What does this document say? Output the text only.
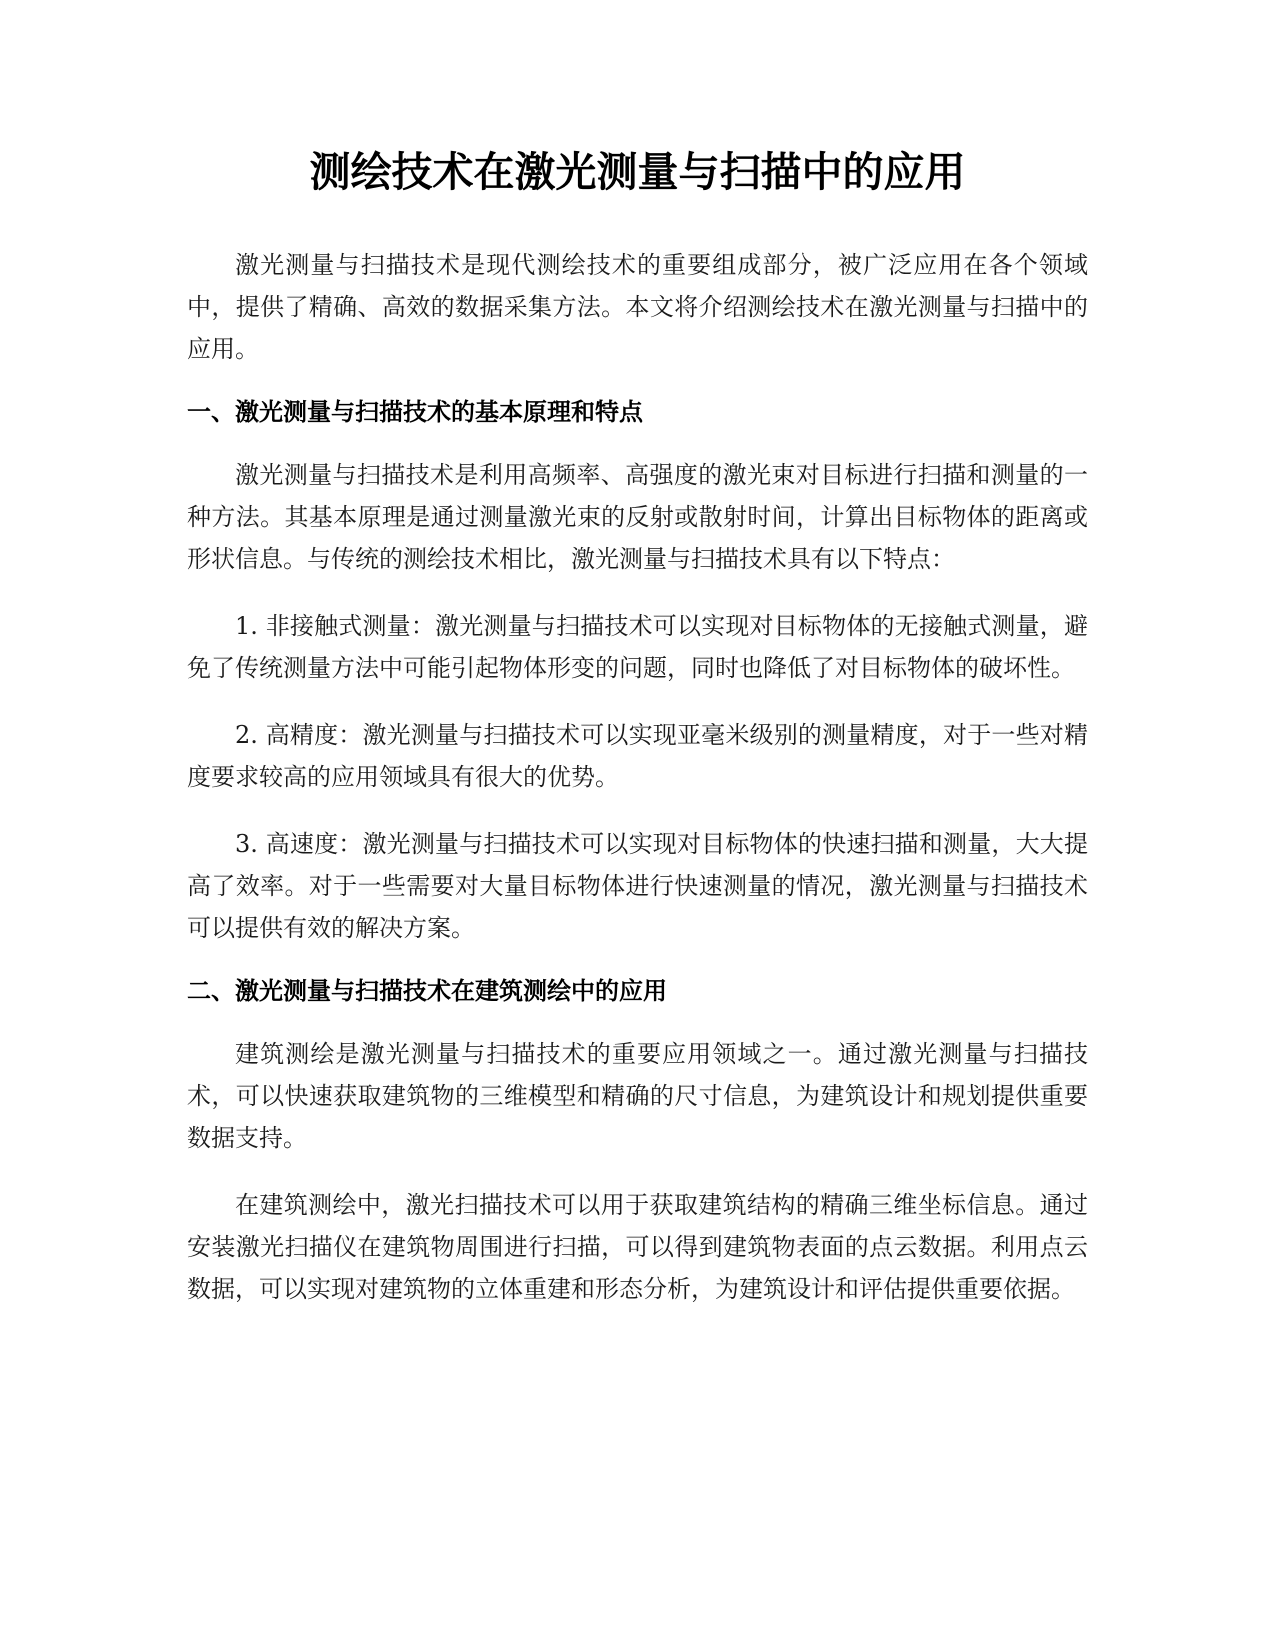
测绘技术在激光测量与扫描中的应用

激光测量与扫描技术是现代测绘技术的重要组成部分，被广泛应用在各个领域中，提供了精确、高效的数据采集方法。本文将介绍测绘技术在激光测量与扫描中的应用。

一、激光测量与扫描技术的基本原理和特点

激光测量与扫描技术是利用高频率、高强度的激光束对目标进行扫描和测量的一种方法。其基本原理是通过测量激光束的反射或散射时间，计算出目标物体的距离或形状信息。与传统的测绘技术相比，激光测量与扫描技术具有以下特点：

1. 非接触式测量：激光测量与扫描技术可以实现对目标物体的无接触式测量，避免了传统测量方法中可能引起物体形变的问题，同时也降低了对目标物体的破坏性。

2. 高精度：激光测量与扫描技术可以实现亚毫米级别的测量精度，对于一些对精度要求较高的应用领域具有很大的优势。

3. 高速度：激光测量与扫描技术可以实现对目标物体的快速扫描和测量，大大提高了效率。对于一些需要对大量目标物体进行快速测量的情况，激光测量与扫描技术可以提供有效的解决方案。

二、激光测量与扫描技术在建筑测绘中的应用

建筑测绘是激光测量与扫描技术的重要应用领域之一。通过激光测量与扫描技术，可以快速获取建筑物的三维模型和精确的尺寸信息，为建筑设计和规划提供重要数据支持。

在建筑测绘中，激光扫描技术可以用于获取建筑结构的精确三维坐标信息。通过安装激光扫描仪在建筑物周围进行扫描，可以得到建筑物表面的点云数据。利用点云数据，可以实现对建筑物的立体重建和形态分析，为建筑设计和评估提供重要依据。
